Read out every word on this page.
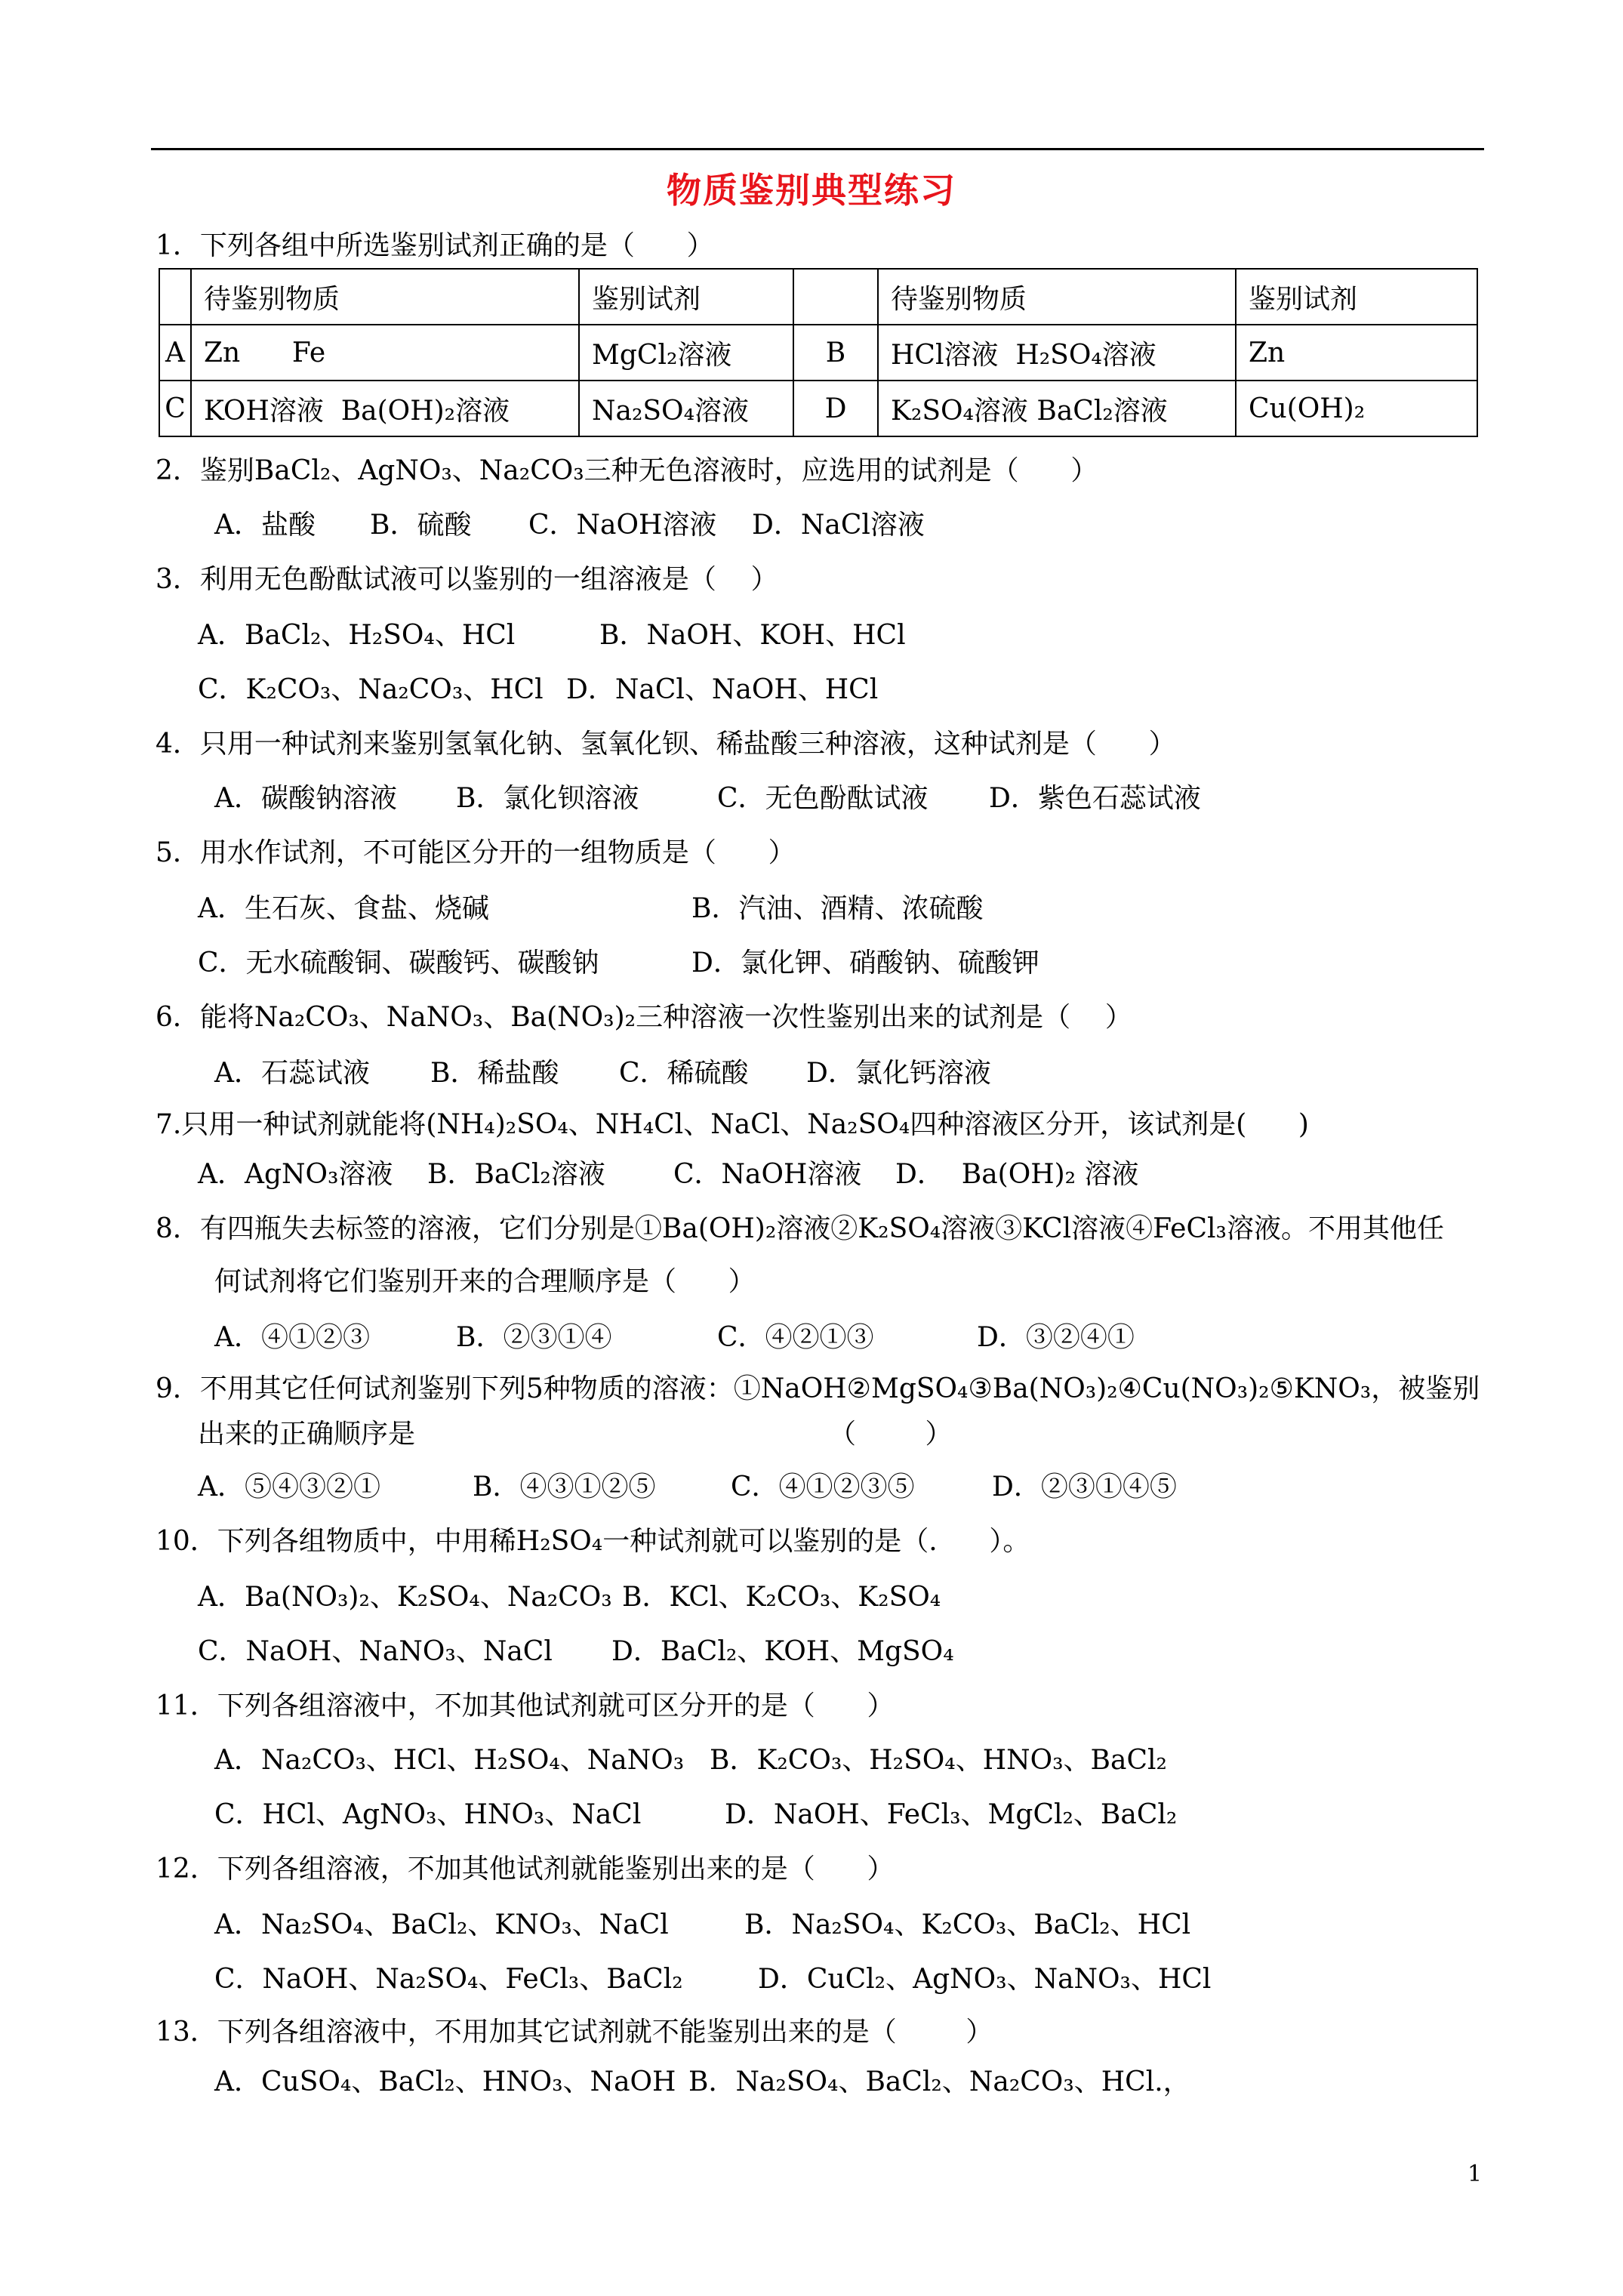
物质鉴别典型练习
1．下列各组中所选鉴别试剂正确的是（      ）
	待鉴别物质	鉴别试剂		待鉴别物质	鉴别试剂
A	Zn      Fe	MgCl₂溶液	B	HCl溶液  H₂SO₄溶液	Zn
C	KOH溶液  Ba(OH)₂溶液	Na₂SO₄溶液	D	K₂SO₄溶液 BaCl₂溶液	Cu(OH)₂
2．鉴别BaCl₂、AgNO₃、Na₂CO₃三种无色溶液时，应选用的试剂是（      ）
A．盐酸 B．硫酸 C．NaOH溶液 D．NaCl溶液
3．利用无色酚酞试液可以鉴别的一组溶液是（    ）
A．BaCl₂、H₂SO₄、HCl	B．NaOH、KOH、HCl
C．K₂CO₃、Na₂CO₃、HCl D．NaCl、NaOH、HCl
4．只用一种试剂来鉴别氢氧化钠、氢氧化钡、稀盐酸三种溶液，这种试剂是（      ）
A．碳酸钠溶液 B．氯化钡溶液	C．无色酚酞试液 D．紫色石蕊试液
5．用水作试剂，不可能区分开的一组物质是（      ）
A．生石灰、食盐、烧碱	B．汽油、酒精、浓硫酸
C．无水硫酸铜、碳酸钙、碳酸钠	D．氯化钾、硝酸钠、硫酸钾
6．能将Na₂CO₃、NaNO₃、Ba(NO₃)₂三种溶液一次性鉴别出来的试剂是（    ）
A．石蕊试液 B．稀盐酸 C．稀硫酸 D．氯化钙溶液
7.只用一种试剂就能将(NH₄)₂SO₄、NH₄Cl、NaCl、Na₂SO₄四种溶液区分开，该试剂是(      )
A．AgNO₃溶液 B．BaCl₂溶液	C．NaOH溶液 D．  Ba(OH)₂ 溶液
8．有四瓶失去标签的溶液，它们分别是①Ba(OH)₂溶液②K₂SO₄溶液③KCl溶液④FeCl₃溶液。不用其他任
何试剂将它们鉴别开来的合理顺序是（      ）
A．④①②③	B．②③①④	C．④②①③	D．③②④①
9．不用其它任何试剂鉴别下列5种物质的溶液：①NaOH②MgSO₄③Ba(NO₃)₂④Cu(NO₃)₂⑤KNO₃，被鉴别
出来的正确顺序是	（        ）
A．⑤④③②①	B．④③①②⑤	C．④①②③⑤	D．②③①④⑤
10．下列各组物质中，中用稀H₂SO₄一种试剂就可以鉴别的是（.      ）。
A．Ba(NO₃)₂、K₂SO₄、Na₂CO₃ B．KCl、K₂CO₃、K₂SO₄
C．NaOH、NaNO₃、NaCl D．BaCl₂、KOH、MgSO₄
11．下列各组溶液中，不加其他试剂就可区分开的是（      ）
A．Na₂CO₃、HCl、H₂SO₄、NaNO₃ B．K₂CO₃、H₂SO₄、HNO₃、BaCl₂
C．HCl、AgNO₃、HNO₃、NaCl	D．NaOH、FeCl₃、MgCl₂、BaCl₂
12．下列各组溶液，不加其他试剂就能鉴别出来的是（      ）
A．Na₂SO₄、BaCl₂、KNO₃、NaCl	B．Na₂SO₄、K₂CO₃、BaCl₂、HCl
C．NaOH、Na₂SO₄、FeCl₃、BaCl₂	D．CuCl₂、AgNO₃、NaNO₃、HCl
13．下列各组溶液中，不用加其它试剂就不能鉴别出来的是（        ）
A．CuSO₄、BaCl₂、HNO₃、NaOH B．Na₂SO₄、BaCl₂、Na₂CO₃、HCl.，
1
